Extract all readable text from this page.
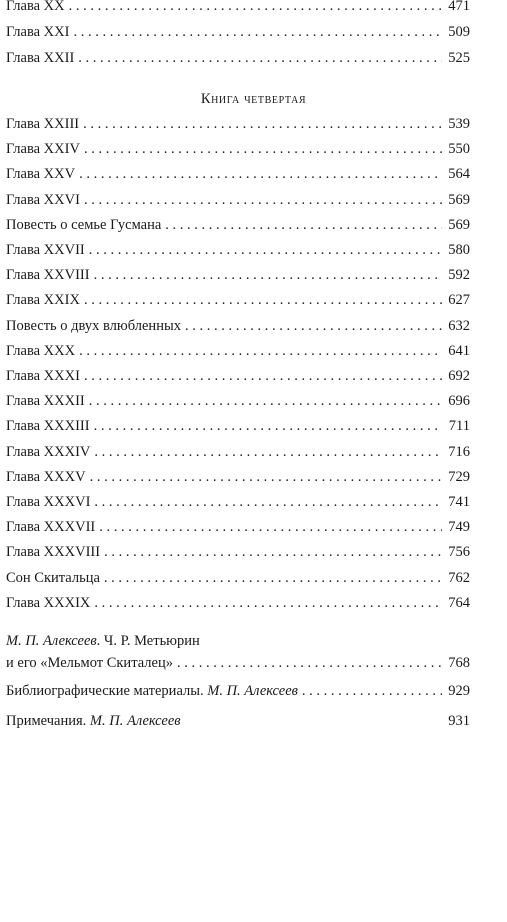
Глава XX . . .	471
Глава XXI . . .	509
Глава XXII . . .	525
Книга четвертая
Глава XXIII . . .	539
Глава XXIV . . .	550
Глава XXV . . .	564
Глава XXVI . . .	569
Повесть о семье Гусмана . . .	569
Глава XXVII . . .	580
Глава XXVIII . . .	592
Глава XXIX . . .	627
Повесть о двух влюбленных . . .	632
Глава XXX . . .	641
Глава XXXI . . .	692
Глава XXXII . . .	696
Глава XXXIII . . .	711
Глава XXXIV . . .	716
Глава XXXV . . .	729
Глава XXXVI . . .	741
Глава XXXVII . . .	749
Глава XXXVIII . . .	756
Сон Скитальца . . .	762
Глава XXXIX . . .	764
М. П. Алексеев. Ч. Р. Метьюрин
и его «Мельмот Скиталец» . . .	768
Библиографические материалы. М. П. Алексеев . . .	929
Примечания. М. П. Алексеев	931
